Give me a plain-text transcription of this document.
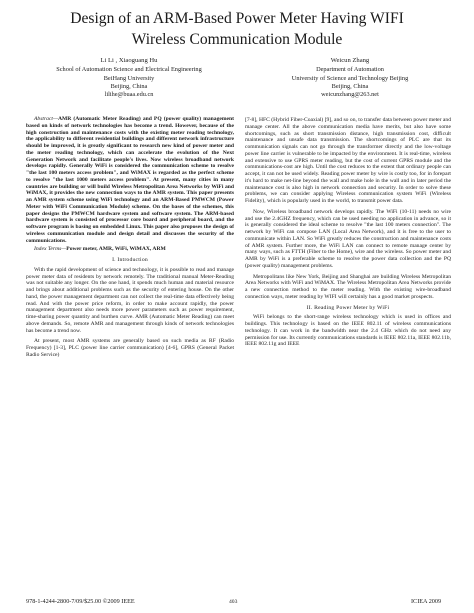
Design of an ARM-Based Power Meter Having WIFI
Wireless Communication Module
Li Li , Xiaoguang Hu
School of Automation Science and Electrical Engineering
BeiHang University
Beijing, China
lilihe@buaa.edu.cn
Weicun Zhang
Department of Automation
University of Science and Technology Beijing
Beijing, China
weicunzhang@263.net

Abstract—AMR (Automatic Meter Reading) and PQ (power quality) management based on kinds of network technologies has become a trend. However, because of the high construction and maintenance costs with the existing meter reading technology, the applicability to different residential buildings and different network infrastructure should be improved, it is greatly significant to research new kind of power meter and the meter reading technology, which can accelerate the evolution of the Next Generation Network and facilitate people's lives. Now wireless broadband network develops rapidly. Generally WiFi is considered the communication scheme to resolve "the last 100 meters access problem", and WiMAX is regarded as the perfect scheme to resolve "the last 1000 meters access problem". At present, many cities in many countries are building or will build Wireless Metropolitan Area Networks by WiFi and WiMAX, it provides the new connection ways to the AMR system. This paper presents an AMR system scheme using WiFi technology and an ARM-Based PMWCM (Power Meter with WiFi Communication Module) scheme. On the bases of the schemes, this paper designs the PMWCM hardware system and software system. The ARM-based hardware system is consisted of processor core board and peripheral board, and the software program is basing on embedded Linux. This paper also proposes the design of wireless communication module and design detail and discusses the security of the communications.

Index Terms—Power meter, AMR, WiFi, WiMAX, ARM

I. Introduction

With the rapid development of science and technology, it is possible to read and manage power meter data of residents by network remotely. The traditional manual Meter-Reading was not suitable any longer. On the one hand, it spends much human and material resource and brings about additional problems such as the security of entering house. On the other hand, the power management department can not collect the real-time data effectively being read. And with the power price reform, in order to make account rapidly, the power management department also needs more power parameters such as power requirement, time-sharing power quantity and burthen curve. AMR (Automatic Meter Reading) can meet above demands. So, remote AMR and management through kinds of network technologies has become a trend now.

At present, most AMR systems are generally based on such media as RF (Radio Frequency) [1-3], PLC (power line carrier communication) [4-6], GPRS (General Packet Radio Service)

[7-8], HFC (Hybrid Fiber-Coaxial) [9], and so on, to transfer data between power meter and manage center. All the above communication media have merits, but also have some shortcomings, such as short transmission distance, high transmission cost, difficult maintenance and unsafe data transmission. The shortcomings of PLC are that its communication signals can not go through the transformer directly and the low-voltage power line carrier is vulnerable to be impacted by the environment. It is real-time, wireless and extensive to use GPRS meter reading, but the cost of current GPRS module and the communications-cost are high. Until the cost reduces to the extent that ordinary people can accept, it can not be used widely. Reading power meter by wire is costly too, for in forepart it's hard to make net-line beyond the wall and make hole in the wall and in later period the maintenance cost is also high in network connection and security. In order to solve these problems, we can consider applying Wireless communication system WiFi (Wireless Fidelity), which is popularly used in the world, to transmit power data.

Now, Wireless broadband network develops rapidly. The WiFi (10-11) needs no wire and use the 2.4GHZ frequency, which can be used needing no application in advance, so it is generally considered the ideal scheme to resolve "the last 100 meters connection". The network by WiFi can compose LAN (Local Area Network), and it is free to the user to communicate within LAN. So WiFi greatly reduces the construction and maintenance costs of AMR system. Further more, the WiFi LAN can connect to remote manage center by many ways, such as FTTH (Fiber to the Home), wire and the wireless. So power meter and AMR by WiFi is a preferable scheme to resolve the power data collection and the PQ (power quality) management problems.

Metropolitans like New York, Beijing and Shanghai are building Wireless Metropolitan Area Networks with WiFi and WiMAX. The Wireless Metropolitan Area Networks provide a new connection method to the meter reading. With the existing wire-broadband connection ways, meter reading by WIFI will certainly has a good market prospects.

II. Reading Power Meter by WiFi

WiFi belongs to the short-range wireless technology which is used in offices and buildings. This technology is based on the IEEE 802.11 of wireless communications technology. It can work in the bandwidth near the 2.4 GHz which do not need any permission for use. Its currently communications standards is IEEE 802.11a, IEEE 802.11b, IEEE 802.11g and IEEE

978-1-4244-2800-7/09/$25.00 ©2009 IEEE	403	ICIEA 2009
